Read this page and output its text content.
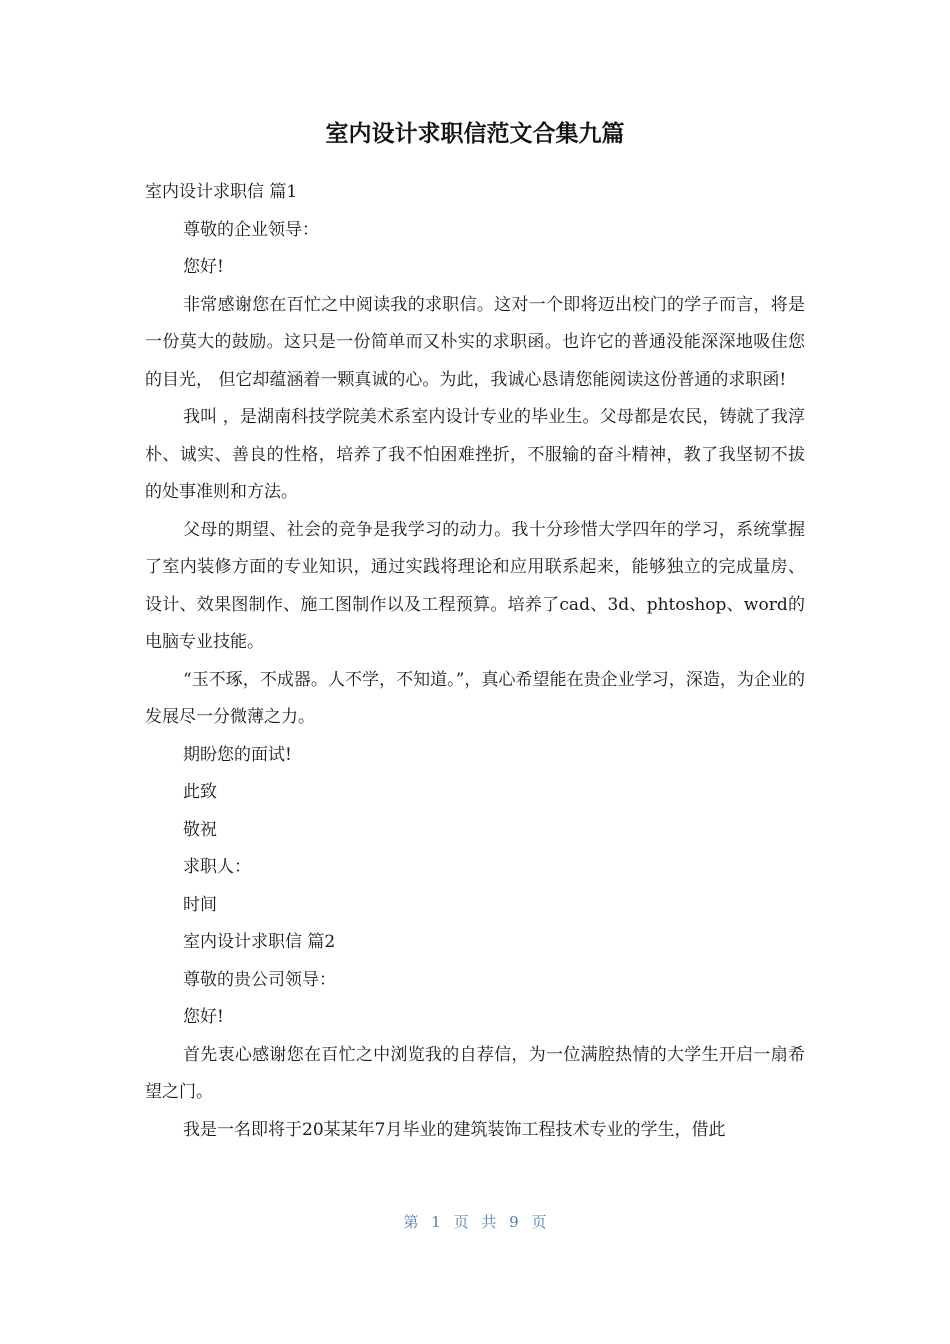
室内设计求职信范文合集九篇

室内设计求职信 篇1

尊敬的企业领导：

您好!

非常感谢您在百忙之中阅读我的求职信。这对一个即将迈出校门的学子而言，将是一份莫大的鼓励。这只是一份简单而又朴实的求职函。也许它的普通没能深深地吸住您的目光， 但它却蕴涵着一颗真诚的心。为此，我诚心恳请您能阅读这份普通的求职函!

我叫 ，是湖南科技学院美术系室内设计专业的毕业生。父母都是农民，铸就了我淳朴、诚实、善良的性格，培养了我不怕困难挫折，不服输的奋斗精神，教了我坚韧不拔的处事准则和方法。

父母的期望、社会的竞争是我学习的动力。我十分珍惜大学四年的学习，系统掌握了室内装修方面的专业知识，通过实践将理论和应用联系起来，能够独立的完成量房、设计、效果图制作、施工图制作以及工程预算。培养了cad、3d、phtoshop、word的电脑专业技能。

“玉不琢，不成器。人不学，不知道。”，真心希望能在贵企业学习，深造，为企业的发展尽一分微薄之力。

期盼您的面试!

此致

敬祝

求职人：

时间

室内设计求职信 篇2

尊敬的贵公司领导：

您好!

首先衷心感谢您在百忙之中浏览我的自荐信，为一位满腔热情的大学生开启一扇希望之门。

我是一名即将于20某某年7月毕业的建筑装饰工程技术专业的学生，借此

第 1 页 共 9 页
